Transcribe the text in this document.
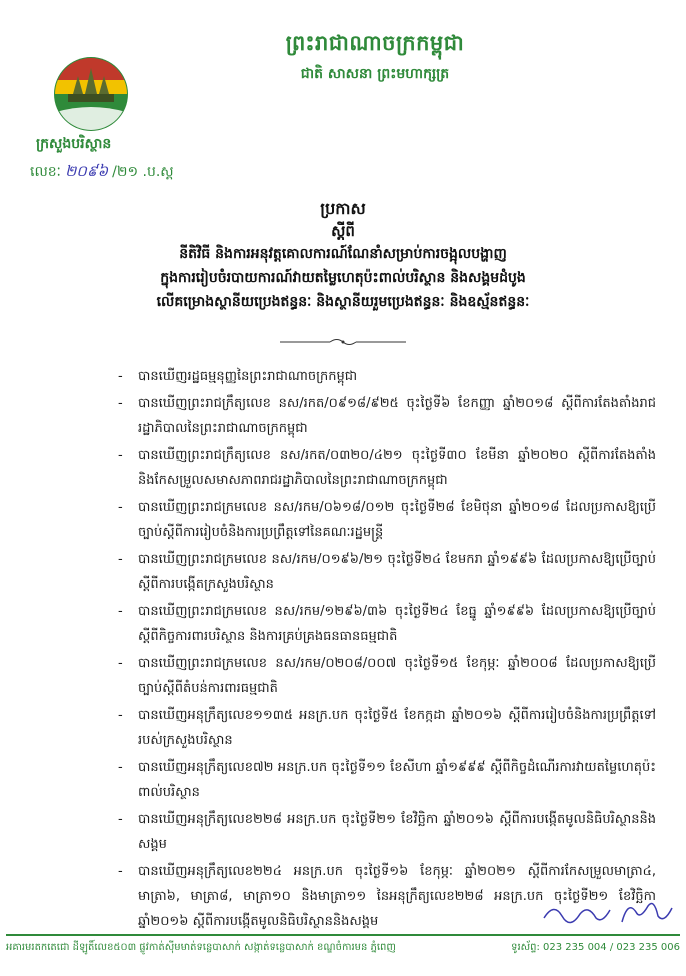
ព្រះរាជាណាចក្រកម្ពុជា
ជាតិ សាសនា ព្រះមហាក្សត្រ
ក្រសួងបរិស្ថាន
លេខៈ ២០៩៦ /២១ .ប.ស្ត
ប្រកាស
ស្តីពី
នីតិវិធី និងការអនុវត្តគោលការណ៍ណែនាំសម្រាប់ការចង្អុលបង្ហាញ
ក្នុងការរៀបចំរបាយការណ៍វាយតម្លៃហេតុប៉ះពាល់បរិស្ថាន និងសង្គមដំបូង
លើគម្រោងស្ថានីយប្រេងឥន្ធនៈ និងស្ថានីយរួមប្រេងឥន្ធនៈ និងឧស្ម័នឥន្ធនៈ
- បានឃើញរដ្ឋធម្មនុញ្ញនៃព្រះរាជាណាចក្រកម្ពុជា
- បានឃើញព្រះរាជក្រឹត្យលេខ នស/រកត/០៩១៨/៩២៥ ចុះថ្ងៃទី៦ ខែកញ្ញា ឆ្នាំ២០១៨ ស្តីពីការតែងតាំងរាជរដ្ឋាភិបាលនៃព្រះរាជាណាចក្រកម្ពុជា
- បានឃើញព្រះរាជក្រឹត្យលេខ នស/រកត/០៣២០/៤២១ ចុះថ្ងៃទី៣០ ខែមីនា ឆ្នាំ២០២០ ស្តីពីការតែងតាំងនិងកែសម្រួលសមាសភាពរាជរដ្ឋាភិបាលនៃព្រះរាជាណាចក្រកម្ពុជា
- បានឃើញព្រះរាជក្រមលេខ នស/រកម/០៦១៨/០១២ ចុះថ្ងៃទី២៨ ខែមិថុនា ឆ្នាំ២០១៨ ដែលប្រកាសឱ្យប្រើច្បាប់ស្តីពីការរៀបចំនិងការប្រព្រឹត្តទៅនៃគណៈរដ្ឋមន្ត្រី
- បានឃើញព្រះរាជក្រមលេខ នស/រកម/០១៩៦/២១ ចុះថ្ងៃទី២៤ ខែមករា ឆ្នាំ១៩៩៦ ដែលប្រកាសឱ្យប្រើច្បាប់ស្តីពីការបង្កើតក្រសួងបរិស្ថាន
- បានឃើញព្រះរាជក្រមលេខ នស/រកម/១២៩៦/៣៦ ចុះថ្ងៃទី២៤ ខែធ្នូ ឆ្នាំ១៩៩៦ ដែលប្រកាសឱ្យប្រើច្បាប់ស្តីពីកិច្ចការពារបរិស្ថាន និងការគ្រប់គ្រងធនធានធម្មជាតិ
- បានឃើញព្រះរាជក្រមលេខ នស/រកម/០២០៨/០០៧ ចុះថ្ងៃទី១៥ ខែកុម្ភៈ ឆ្នាំ២០០៨ ដែលប្រកាសឱ្យប្រើច្បាប់ស្តីពីតំបន់ការពារធម្មជាតិ
- បានឃើញអនុក្រឹត្យលេខ១១៣៥ អនក្រ.បក ចុះថ្ងៃទី៥ ខែកក្កដា ឆ្នាំ២០១៦ ស្តីពីការរៀបចំនិងការប្រព្រឹត្តទៅរបស់ក្រសួងបរិស្ថាន
- បានឃើញអនុក្រឹត្យលេខ៧២ អនក្រ.បក ចុះថ្ងៃទី១១ ខែសីហា ឆ្នាំ១៩៩៩ ស្តីពីកិច្ចដំណើរការវាយតម្លៃហេតុប៉ះពាល់បរិស្ថាន
- បានឃើញអនុក្រឹត្យលេខ២២៨ អនក្រ.បក ចុះថ្ងៃទី២១ ខែវិច្ឆិកា ឆ្នាំ២០១៦ ស្តីពីការបង្កើតមូលនិធិបរិស្ថាននិងសង្គម
- បានឃើញអនុក្រឹត្យលេខ២២៤ អនក្រ.បក ចុះថ្ងៃទី១៦ ខែកុម្ភៈ ឆ្នាំ២០២១ ស្តីពីការកែសម្រួលមាត្រា៤, មាត្រា៦, មាត្រា៨, មាត្រា១០ និងមាត្រា១១ នៃអនុក្រឹត្យលេខ២២៨ អនក្រ.បក ចុះថ្ងៃទី២១ ខែវិច្ឆិកា ឆ្នាំ២០១៦ ស្តីពីការបង្កើតមូលនិធិបរិស្ថាននិងសង្គម
អគារមរតកតេជោ ដីឡូតិ៍លេខ៥០៣ ផ្លូវកាត់ស៊ីមមាត់ទន្លេបាសាក់ សង្កាត់ទន្លេបាសាក់ ខណ្ឌចំការមន ភ្នំពេញ	ទូរស័ព្ទ: 023 235 004 / 023 235 006
